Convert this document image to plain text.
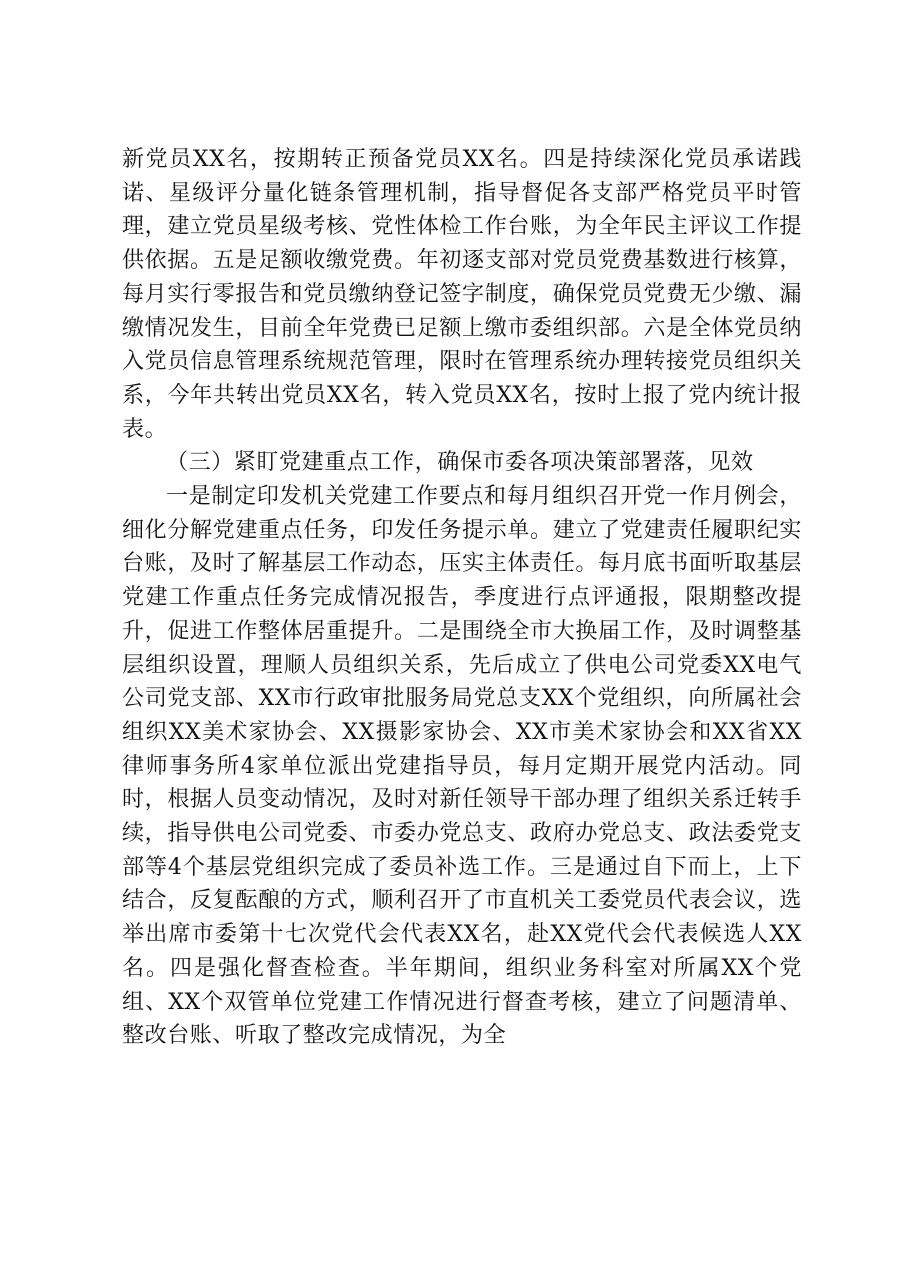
新党员XX名，按期转正预备党员XX名。四是持续深化党员承诺践诺、星级评分量化链条管理机制，指导督促各支部严格党员平时管理，建立党员星级考核、党性体检工作台账，为全年民主评议工作提供依据。五是足额收缴党费。年初逐支部对党员党费基数进行核算，每月实行零报告和党员缴纳登记签字制度，确保党员党费无少缴、漏缴情况发生，目前全年党费已足额上缴市委组织部。六是全体党员纳入党员信息管理系统规范管理，限时在管理系统办理转接党员组织关系，今年共转出党员XX名，转入党员XX名，按时上报了党内统计报表。

（三）紧盯党建重点工作，确保市委各项决策部署落，见效

一是制定印发机关党建工作要点和每月组织召开党一作月例会，细化分解党建重点任务，印发任务提示单。建立了党建责任履职纪实台账，及时了解基层工作动态，压实主体责任。每月底书面听取基层党建工作重点任务完成情况报告，季度进行点评通报，限期整改提升，促进工作整体居重提升。二是围绕全市大换届工作，及时调整基层组织设置，理顺人员组织关系，先后成立了供电公司党委XX电气公司党支部、XX市行政审批服务局党总支XX个党组织，向所属社会组织XX美术家协会、XX摄影家协会、XX市美术家协会和XX省XX律师事务所4家单位派出党建指导员，每月定期开展党内活动。同时，根据人员变动情况，及时对新任领导干部办理了组织关系迁转手续，指导供电公司党委、市委办党总支、政府办党总支、政法委党支部等4个基层党组织完成了委员补选工作。三是通过自下而上，上下结合，反复酝酿的方式，顺利召开了市直机关工委党员代表会议，选举出席市委第十七次党代会代表XX名，赴XX党代会代表候选人XX名。四是强化督查检查。半年期间，组织业务科室对所属XX个党组、XX个双管单位党建工作情况进行督查考核，建立了问题清单、整改台账、听取了整改完成情况，为全
